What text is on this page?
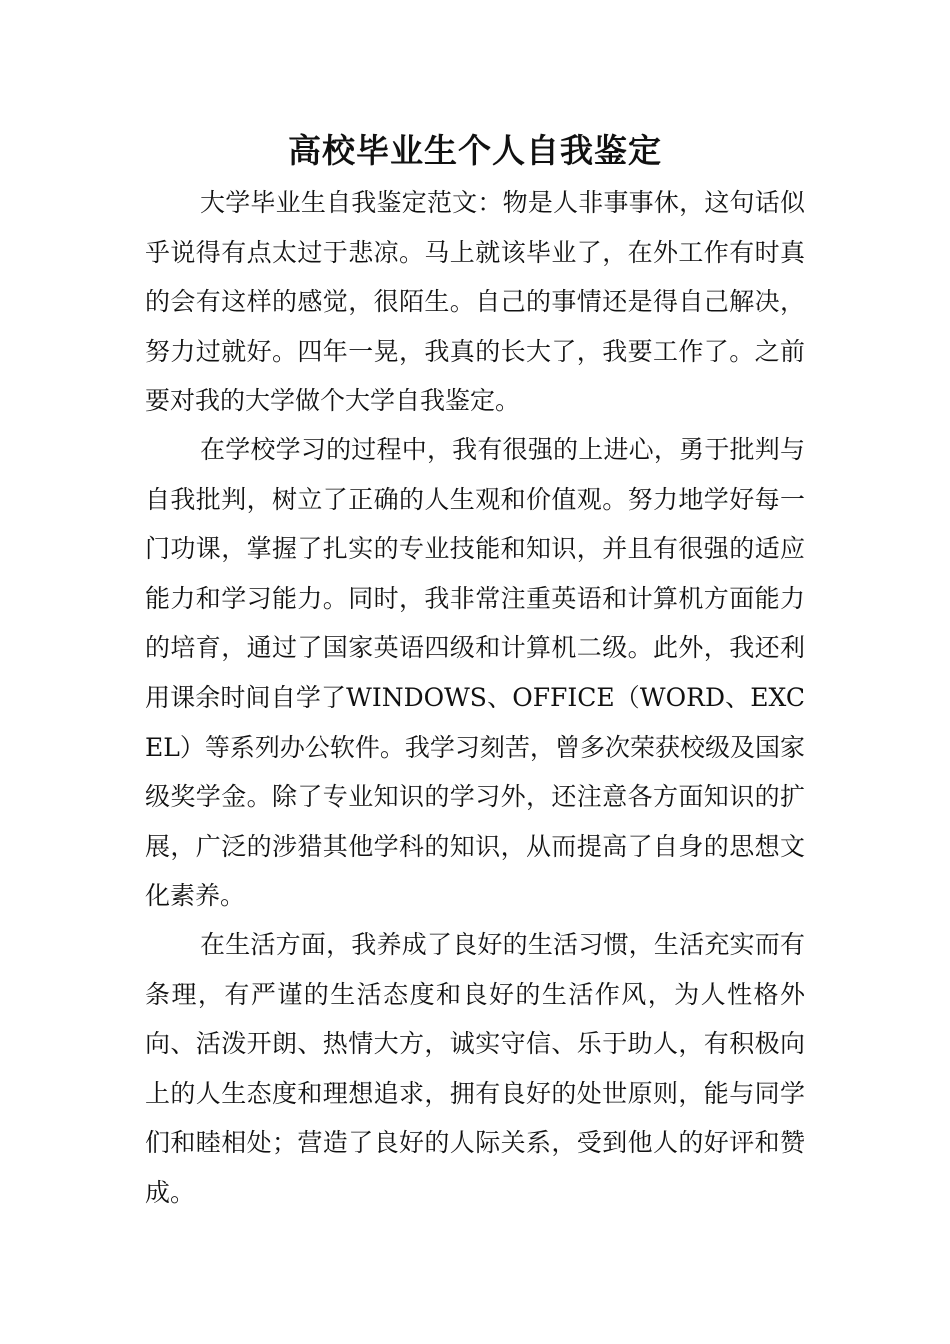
高校毕业生个人自我鉴定

大学毕业生自我鉴定范文：物是人非事事休，这句话似乎说得有点太过于悲凉。马上就该毕业了，在外工作有时真的会有这样的感觉，很陌生。自己的事情还是得自己解决，努力过就好。四年一晃，我真的长大了，我要工作了。之前要对我的大学做个大学自我鉴定。

在学校学习的过程中，我有很强的上进心，勇于批判与自我批判，树立了正确的人生观和价值观。努力地学好每一门功课，掌握了扎实的专业技能和知识，并且有很强的适应能力和学习能力。同时，我非常注重英语和计算机方面能力的培育，通过了国家英语四级和计算机二级。此外，我还利用课余时间自学了WINDOWS、OFFICE（WORD、EXCEL）等系列办公软件。我学习刻苦，曾多次荣获校级及国家级奖学金。除了专业知识的学习外，还注意各方面知识的扩展，广泛的涉猎其他学科的知识，从而提高了自身的思想文化素养。

在生活方面，我养成了良好的生活习惯，生活充实而有条理，有严谨的生活态度和良好的生活作风，为人性格外向、活泼开朗、热情大方，诚实守信、乐于助人，有积极向上的人生态度和理想追求，拥有良好的处世原则，能与同学们和睦相处；营造了良好的人际关系，受到他人的好评和赞成。
